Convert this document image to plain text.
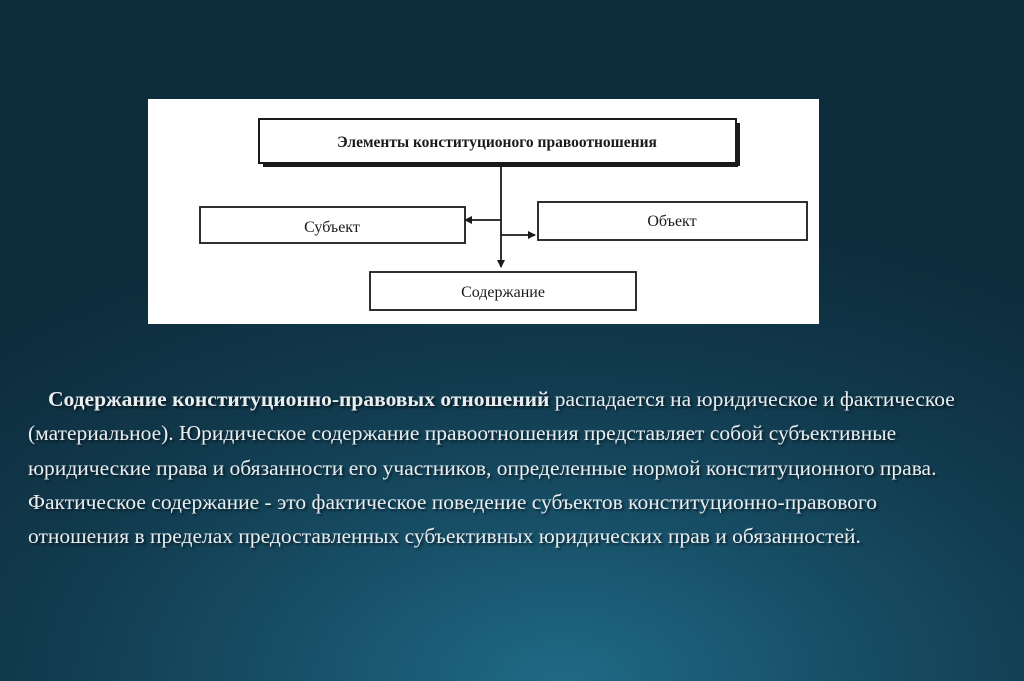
Элементы конституционого правоотношения
Субъект	Объект
Содержание

Содержание конституционно-правовых отношений распадается на юридическое и фактическое (материальное). Юридическое содержание правоотношения представляет собой субъективные юридические права и обязанности его участников, определенные нормой конституционного права. Фактическое содержание - это фактическое поведение субъектов конституционно-правового отношения в пределах предоставленных субъективных юридических прав и обязанностей.
